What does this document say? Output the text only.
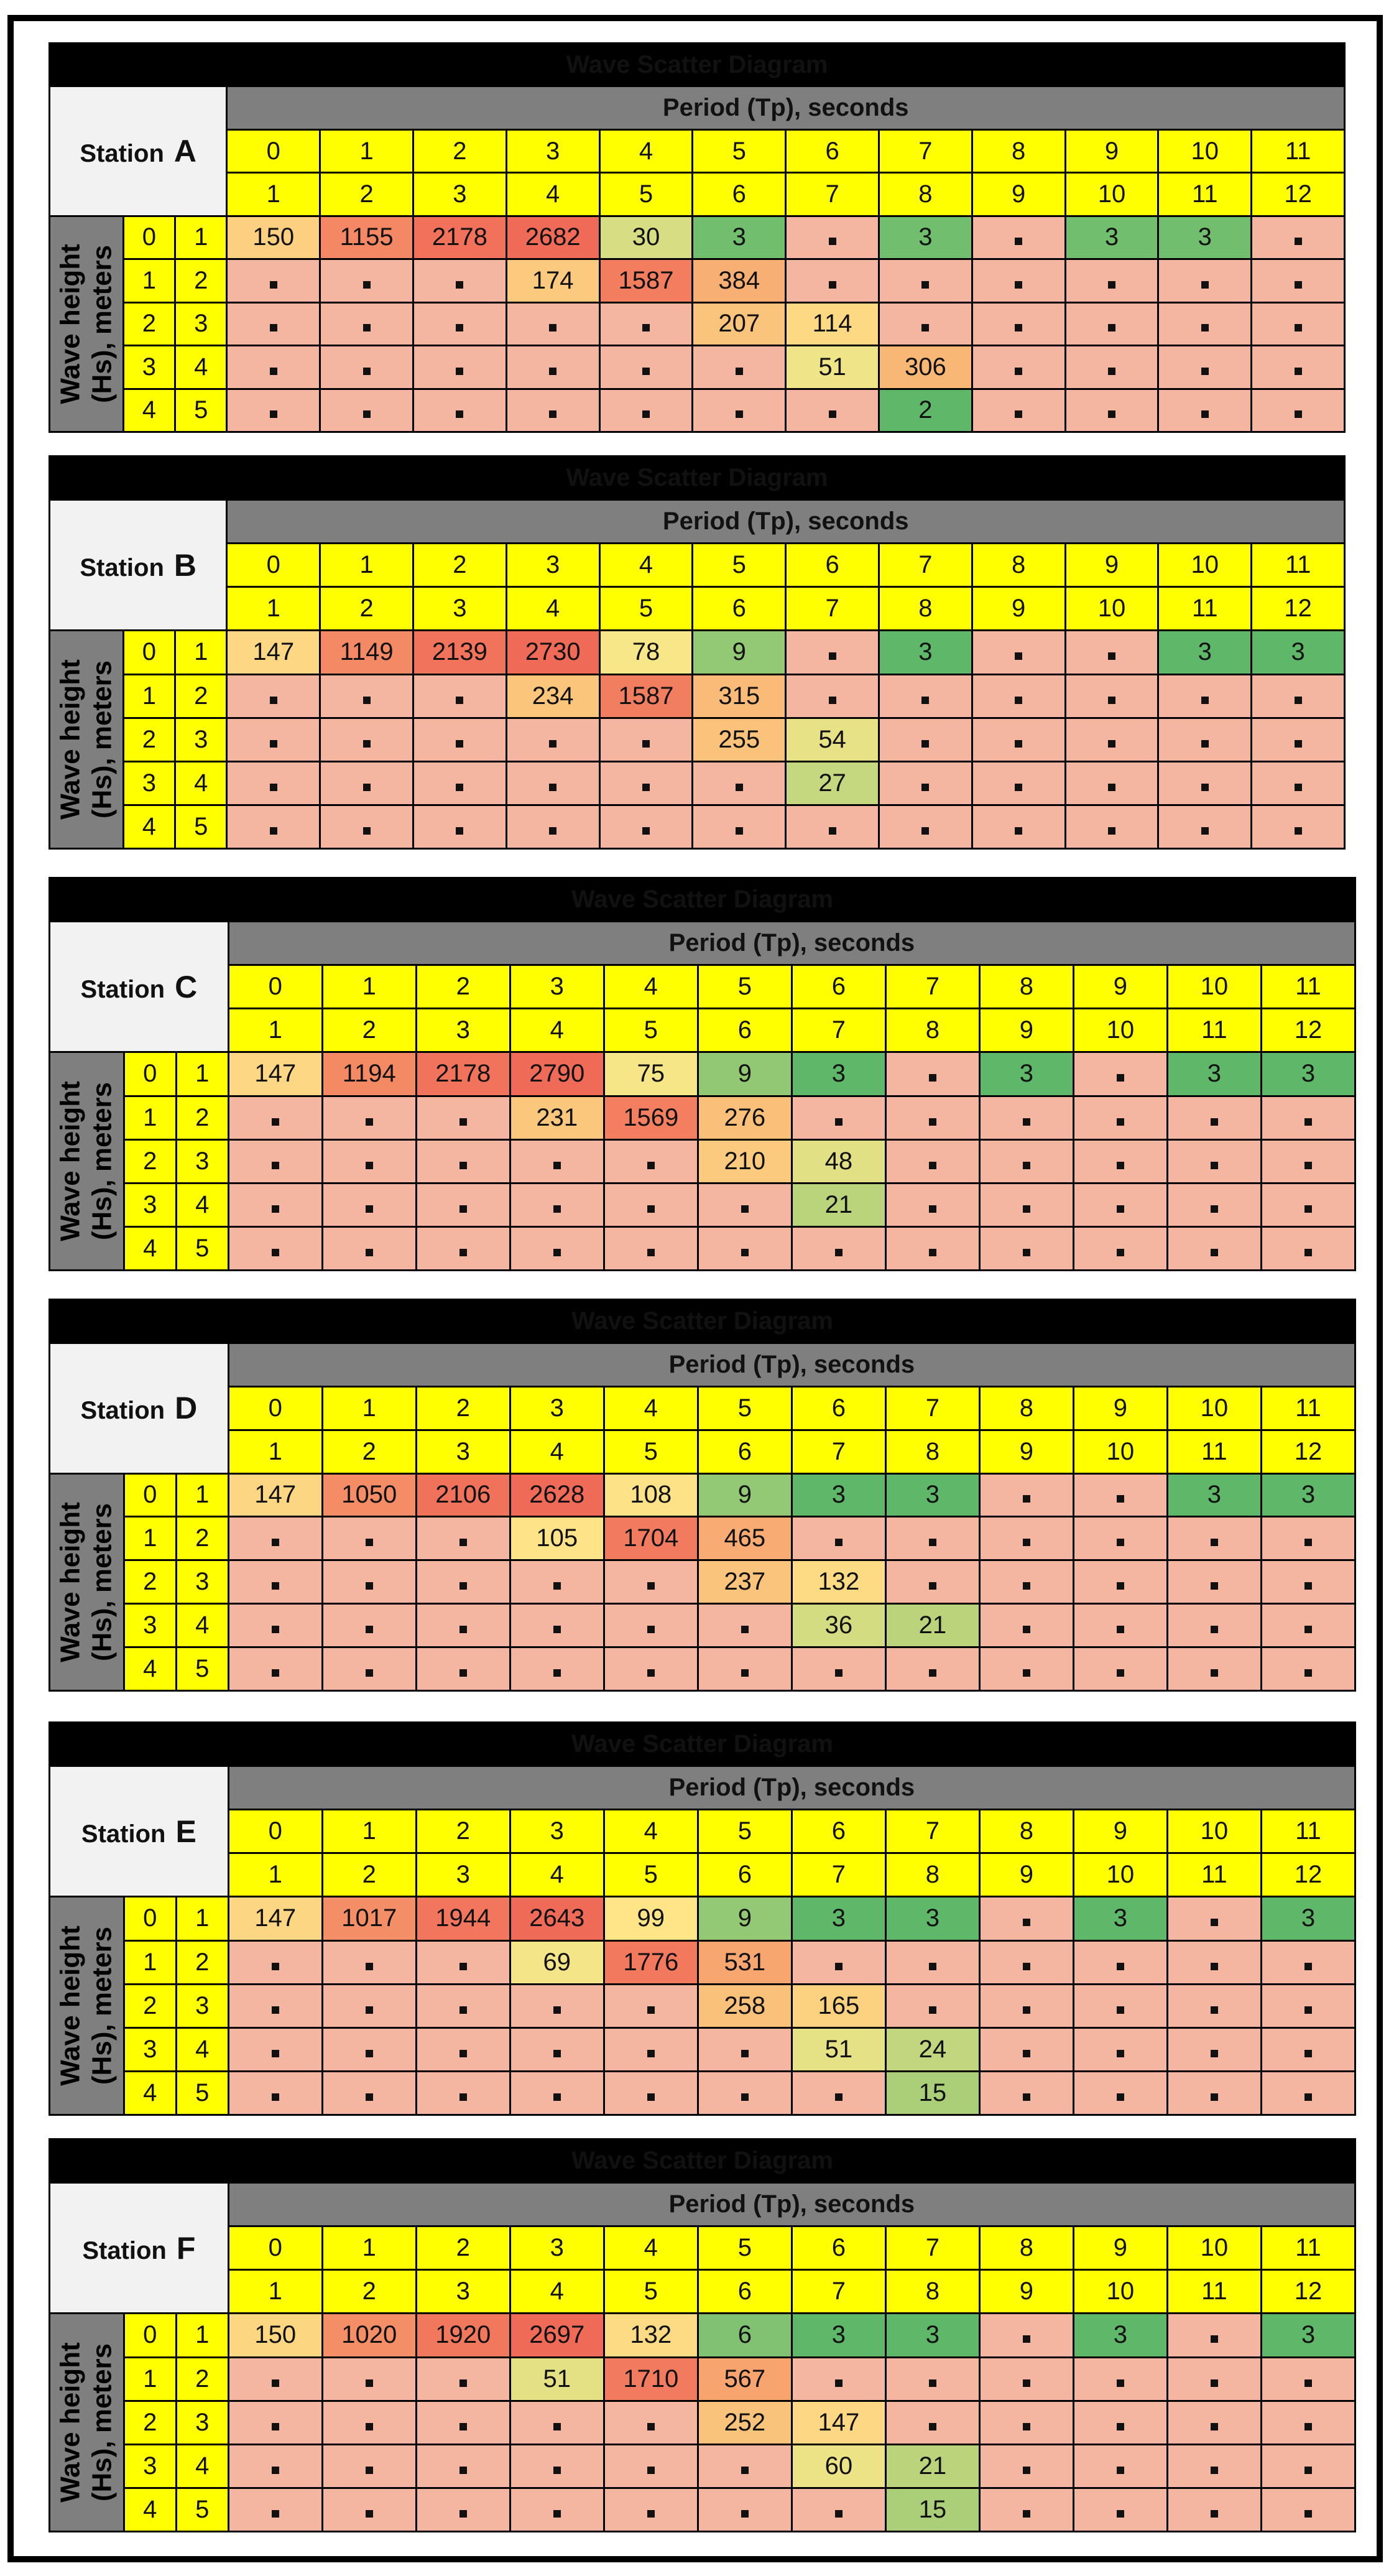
Wave Scatter Diagram														
Station A			Period (Tp), seconds											
			0	1	2	3	4	5	6	7	8	9	10	11
			1	2	3	4	5	6	7	8	9	10	11	12

Wave height (Hs), meters	0	1	150	1155	2178	2682	30	3		3		3	3	
	1	2				174	1587	384						
	2	3						207	114					
	3	4							51	306				
	4	5								2				
Wave Scatter Diagram														
Station B			Period (Tp), seconds											
			0	1	2	3	4	5	6	7	8	9	10	11
			1	2	3	4	5	6	7	8	9	10	11	12

Wave height (Hs), meters	0	1	147	1149	2139	2730	78	9		3			3	3
	1	2				234	1587	315						
	2	3						255	54					
	3	4							27					
	4	5												
Wave Scatter Diagram														
Station C			Period (Tp), seconds											
			0	1	2	3	4	5	6	7	8	9	10	11
			1	2	3	4	5	6	7	8	9	10	11	12

Wave height (Hs), meters	0	1	147	1194	2178	2790	75	9	3		3		3	3
	1	2				231	1569	276						
	2	3						210	48					
	3	4							21					
	4	5												
Wave Scatter Diagram														
Station D			Period (Tp), seconds											
			0	1	2	3	4	5	6	7	8	9	10	11
			1	2	3	4	5	6	7	8	9	10	11	12

Wave height (Hs), meters	0	1	147	1050	2106	2628	108	9	3	3			3	3
	1	2				105	1704	465						
	2	3						237	132					
	3	4							36	21				
	4	5												
Wave Scatter Diagram														
Station E			Period (Tp), seconds											
			0	1	2	3	4	5	6	7	8	9	10	11
			1	2	3	4	5	6	7	8	9	10	11	12

Wave height (Hs), meters	0	1	147	1017	1944	2643	99	9	3	3		3		3
	1	2				69	1776	531						
	2	3						258	165					
	3	4							51	24				
	4	5								15				
Wave Scatter Diagram														
Station F			Period (Tp), seconds											
			0	1	2	3	4	5	6	7	8	9	10	11
			1	2	3	4	5	6	7	8	9	10	11	12

Wave height (Hs), meters	0	1	150	1020	1920	2697	132	6	3	3		3		3
	1	2				51	1710	567						
	2	3						252	147					
	3	4							60	21				
	4	5								15				
